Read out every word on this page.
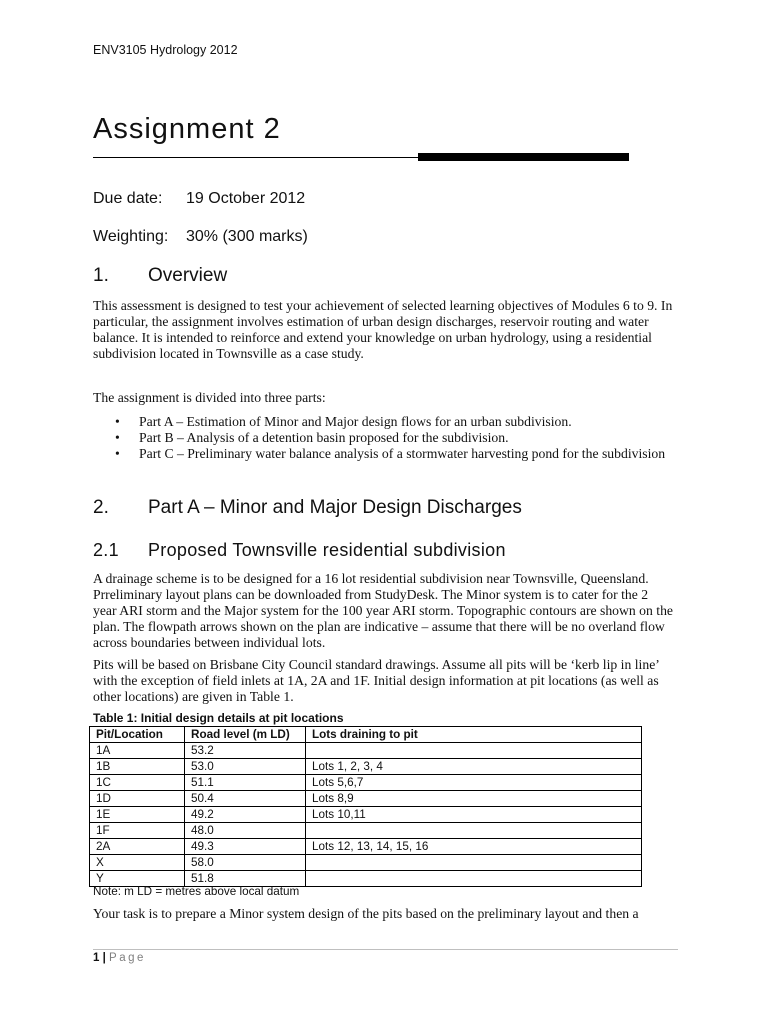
ENV3105 Hydrology 2012
Assignment 2
Due date:	19 October 2012
Weighting:	30% (300 marks)
1.	Overview

This assessment is designed to test your achievement of selected learning objectives of Modules 6 to 9. In particular, the assignment involves estimation of urban design discharges, reservoir routing and water balance. It is intended to reinforce and extend your knowledge on urban hydrology, using a residential subdivision located in Townsville as a case study.

The assignment is divided into three parts:

•	Part A – Estimation of Minor and Major design flows for an urban subdivision.
•	Part B – Analysis of a detention basin proposed for the subdivision.
•	Part C – Preliminary water balance analysis of a stormwater harvesting pond for the subdivision
2.	Part A – Minor and Major Design Discharges
2.1	Proposed Townsville residential subdivision

A drainage scheme is to be designed for a 16 lot residential subdivision near Townsville, Queensland. Prreliminary layout plans can be downloaded from StudyDesk. The Minor system is to cater for the 2 year ARI storm and the Major system for the 100 year ARI storm. Topographic contours are shown on the plan. The flowpath arrows shown on the plan are indicative – assume that there will be no overland flow across boundaries between individual lots.

Pits will be based on Brisbane City Council standard drawings. Assume all pits will be ‘kerb lip in line’ with the exception of field inlets at 1A, 2A and 1F. Initial design information at pit locations (as well as other locations) are given in Table 1.

Table 1: Initial design details at pit locations
Pit/Location	Road level (m LD)	Lots draining to pit
1A	53.2	
1B	53.0	Lots 1, 2, 3, 4
1C	51.1	Lots 5,6,7
1D	50.4	Lots 8,9
1E	49.2	Lots 10,11
1F	48.0	
2A	49.3	Lots 12, 13, 14, 15, 16
X	58.0	
Y	51.8	
Note: m LD = metres above local datum

Your task is to prepare a Minor system design of the pits based on the preliminary layout and then a

1 | Page
